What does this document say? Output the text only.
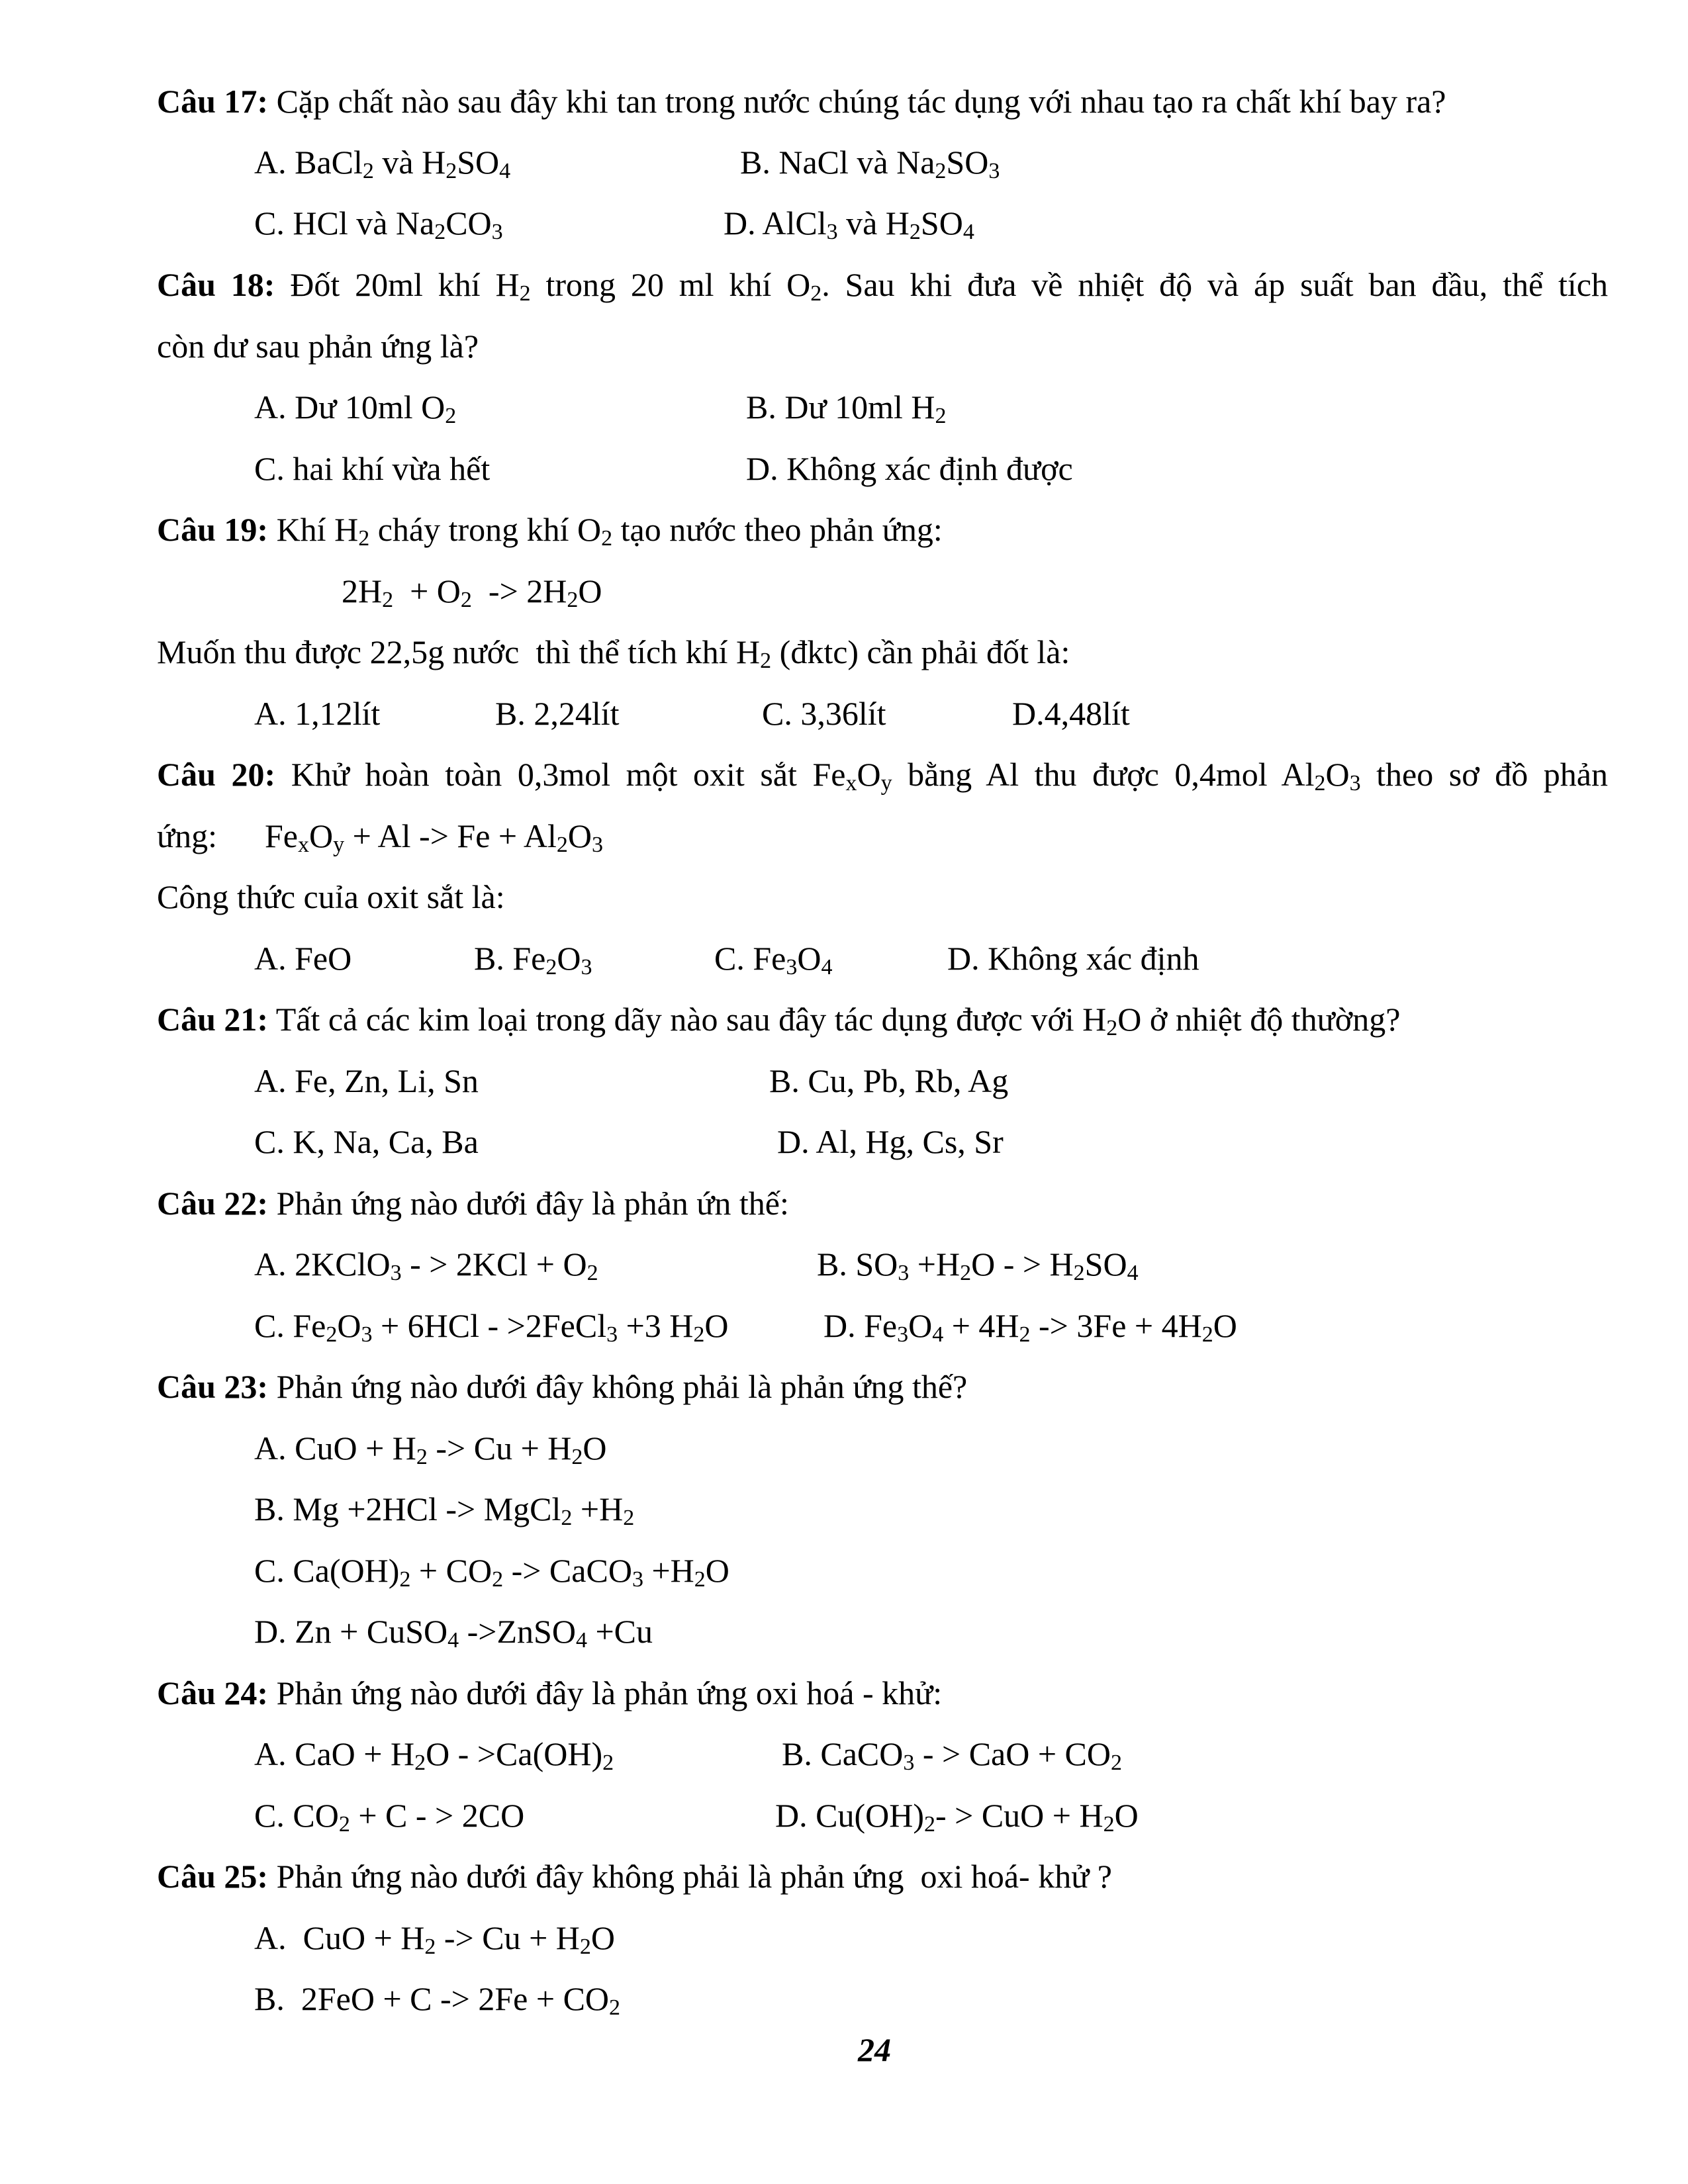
Câu 17: Cặp chất nào sau đây khi tan trong nước chúng tác dụng với nhau tạo ra chất khí bay ra?
A. BaCl2 và H2SO4	B. NaCl và Na2SO3
C. HCl và Na2CO3	D. AlCl3 và H2SO4
Câu 18: Đốt 20ml khí H2 trong 20 ml khí O2. Sau khi đưa về nhiệt độ và áp suất ban đầu, thể tích
còn dư sau phản ứng là?
A. Dư 10ml O2	B. Dư 10ml H2
C. hai khí vừa hết	D. Không xác định được
Câu 19: Khí H2 cháy trong khí O2 tạo nước theo phản ứng:
2H2  + O2  -> 2H2O
Muốn thu được 22,5g nước  thì thể tích khí H2 (đktc) cần phải đốt là:
A. 1,12lít	B. 2,24lít	C. 3,36lít	D.4,48lít
Câu 20: Khử hoàn toàn 0,3mol một oxit sắt FexOy bằng Al thu được 0,4mol Al2O3 theo sơ đồ phản
ứng: FexOy + Al -> Fe + Al2O3
Công thức cuỉa oxit sắt là:
A. FeO	B. Fe2O3	C. Fe3O4	D. Không xác định
Câu 21: Tất cả các kim loại trong dãy nào sau đây tác dụng được với H2O ở nhiệt độ thường?
A. Fe, Zn, Li, Sn	B. Cu, Pb, Rb, Ag
C. K, Na, Ca, Ba	D. Al, Hg, Cs, Sr
Câu 22: Phản ứng nào dưới đây là phản ứn thế:
A. 2KClO3 - > 2KCl + O2	B. SO3 +H2O - > H2SO4
C. Fe2O3 + 6HCl - >2FeCl3 +3 H2O	D. Fe3O4 + 4H2 -> 3Fe + 4H2O
Câu 23: Phản ứng nào dưới đây không phải là phản ứng thế?
A. CuO + H2 -> Cu + H2O
B. Mg +2HCl -> MgCl2 +H2
C. Ca(OH)2 + CO2 -> CaCO3 +H2O
D. Zn + CuSO4 ->ZnSO4 +Cu
Câu 24: Phản ứng nào dưới đây là phản ứng oxi hoá - khử:
A. CaO + H2O - >Ca(OH)2	B. CaCO3 - > CaO + CO2
C. CO2 + C - > 2CO	D. Cu(OH)2- > CuO + H2O
Câu 25: Phản ứng nào dưới đây không phải là phản ứng  oxi hoá- khử ?
A.  CuO + H2 -> Cu + H2O
B.  2FeO + C -> 2Fe + CO2
24
